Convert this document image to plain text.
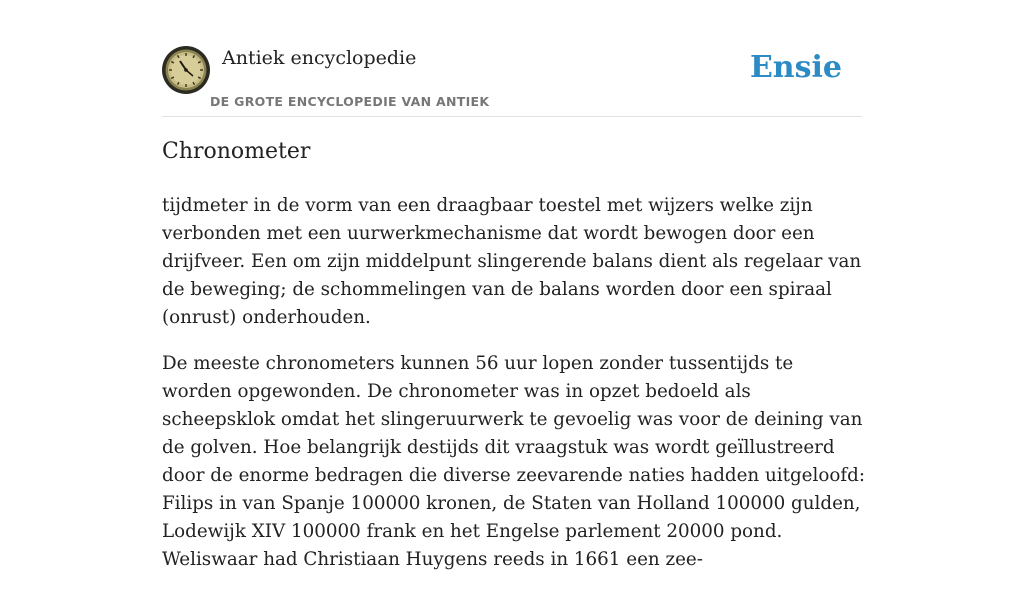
Antiek encyclopedie
DE GROTE ENCYCLOPEDIE VAN ANTIEK
Ensie
Chronometer

tijdmeter in de vorm van een draagbaar toestel met wijzers welke zijn verbonden met een uurwerkmechanisme dat wordt bewogen door een drijfveer. Een om zijn middelpunt slingerende balans dient als regelaar van de beweging; de schommelingen van de balans worden door een spiraal (onrust) onderhouden.

De meeste chronometers kunnen 56 uur lopen zonder tussentijds te worden opgewonden. De chronometer was in opzet bedoeld als scheepsklok omdat het slingeruurwerk te gevoelig was voor de deining van de golven. Hoe belangrijk destijds dit vraagstuk was wordt geïllustreerd door de enorme bedragen die diverse zeevarende naties hadden uitgeloofd: Filips in van Spanje 100000 kronen, de Staten van Holland 100000 gulden, Lodewijk XIV 100000 frank en het Engelse parlement 20000 pond. Weliswaar had Christiaan Huygens reeds in 1661 een zee-
